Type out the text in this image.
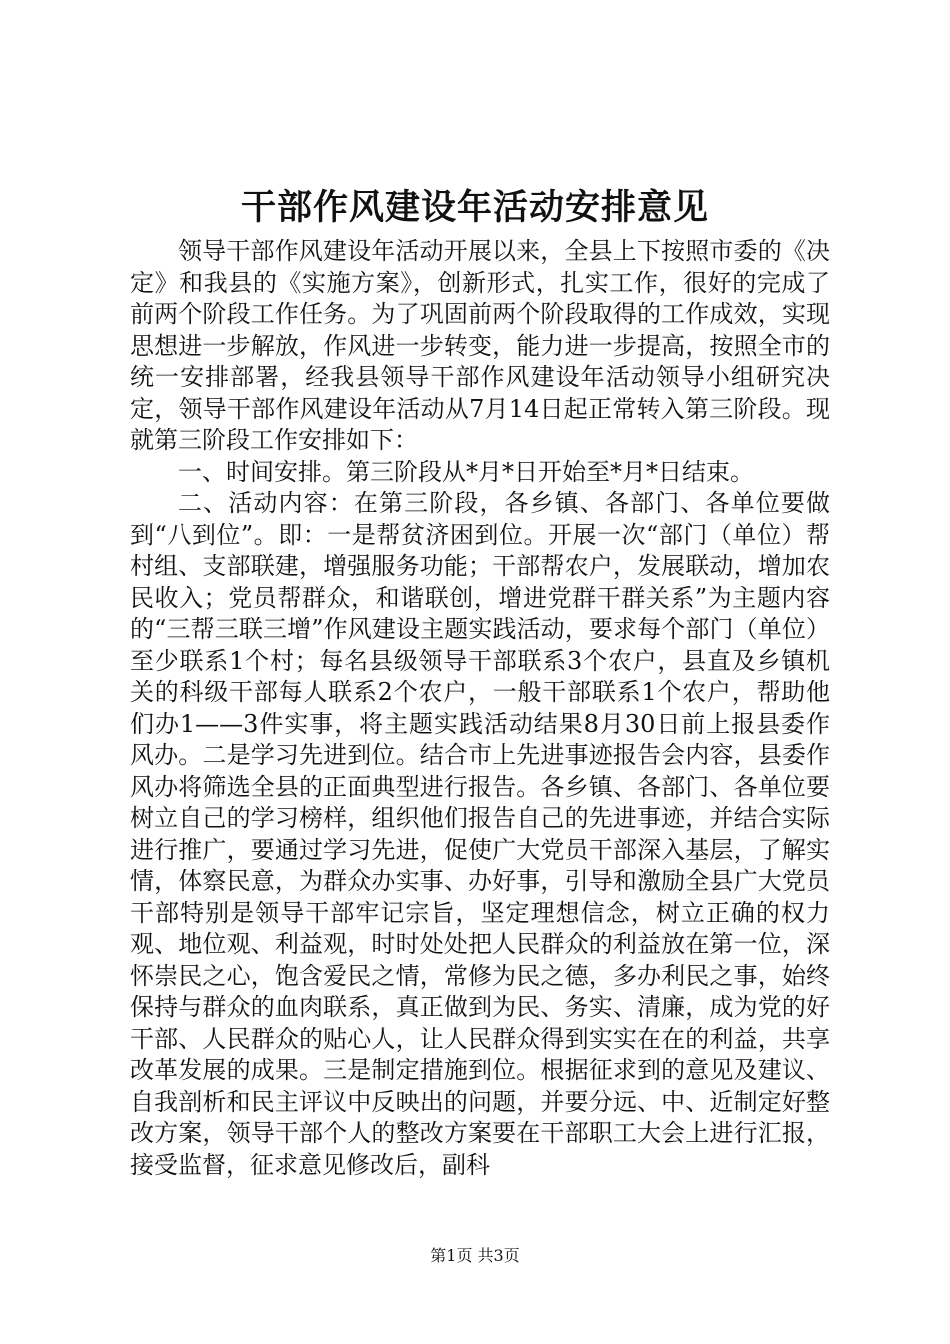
干部作风建设年活动安排意见

领导干部作风建设年活动开展以来，全县上下按照市委的《决定》和我县的《实施方案》，创新形式，扎实工作，很好的完成了前两个阶段工作任务。为了巩固前两个阶段取得的工作成效，实现思想进一步解放，作风进一步转变，能力进一步提高，按照全市的统一安排部署，经我县领导干部作风建设年活动领导小组研究决定，领导干部作风建设年活动从7月14日起正常转入第三阶段。现就第三阶段工作安排如下：

一、时间安排。第三阶段从*月*日开始至*月*日结束。

二、活动内容：在第三阶段，各乡镇、各部门、各单位要做到“八到位”。即：一是帮贫济困到位。开展一次“部门（单位）帮村组、支部联建，增强服务功能；干部帮农户，发展联动，增加农民收入；党员帮群众，和谐联创，增进党群干群关系”为主题内容的“三帮三联三增”作风建设主题实践活动，要求每个部门（单位）至少联系1个村；每名县级领导干部联系3个农户，县直及乡镇机关的科级干部每人联系2个农户，一般干部联系1个农户，帮助他们办1——3件实事，将主题实践活动结果8月30日前上报县委作风办。二是学习先进到位。结合市上先进事迹报告会内容，县委作风办将筛选全县的正面典型进行报告。各乡镇、各部门、各单位要树立自己的学习榜样，组织他们报告自己的先进事迹，并结合实际进行推广，要通过学习先进，促使广大党员干部深入基层，了解实情，体察民意，为群众办实事、办好事，引导和激励全县广大党员干部特别是领导干部牢记宗旨，坚定理想信念，树立正确的权力观、地位观、利益观，时时处处把人民群众的利益放在第一位，深怀崇民之心，饱含爱民之情，常修为民之德，多办利民之事，始终保持与群众的血肉联系，真正做到为民、务实、清廉，成为党的好干部、人民群众的贴心人，让人民群众得到实实在在的利益，共享改革发展的成果。三是制定措施到位。根据征求到的意见及建议、自我剖析和民主评议中反映出的问题，并要分远、中、近制定好整改方案，领导干部个人的整改方案要在干部职工大会上进行汇报，接受监督，征求意见修改后，副科

第1页 共3页
